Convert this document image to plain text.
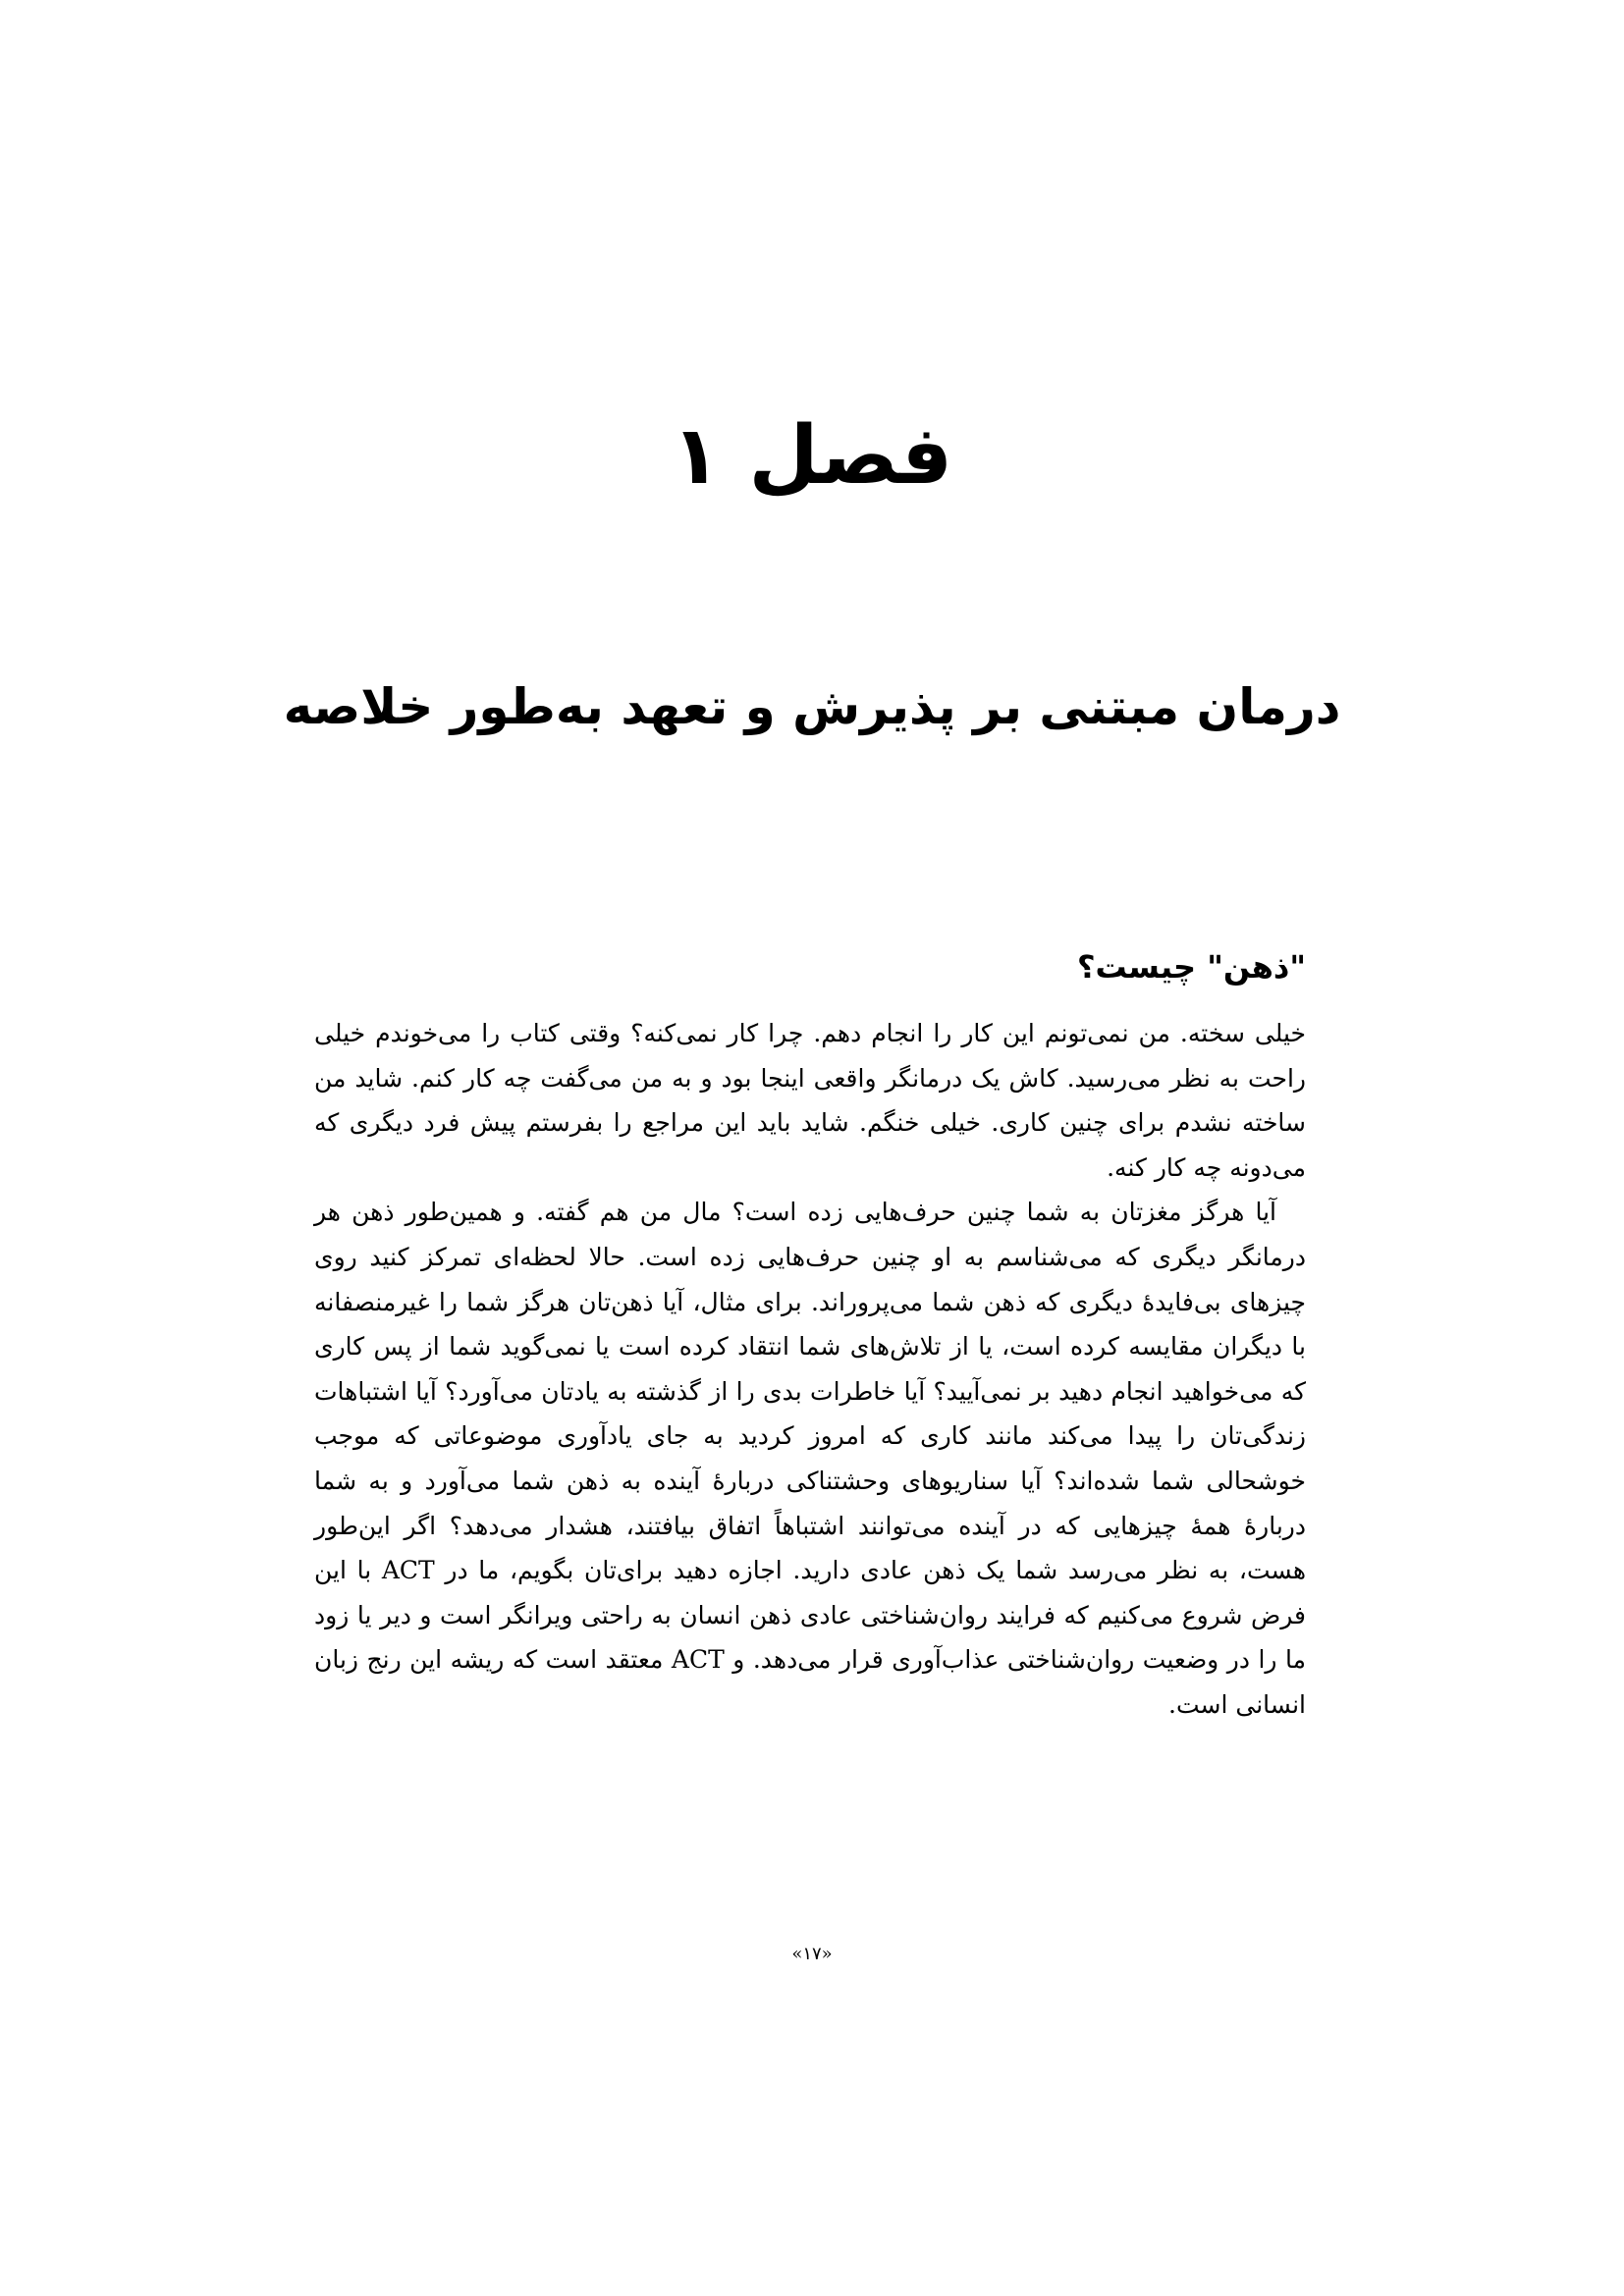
فصل ۱
درمان مبتنی بر پذیرش و تعهد به‌طور خلاصه
"ذهن" چیست؟

خیلی سخته. من نمی‌تونم این کار را انجام دهم. چرا کار نمی‌کنه؟ وقتی کتاب را می‌خوندم خیلی راحت به نظر می‌رسید. کاش یک درمانگر واقعی اینجا بود و به من می‌گفت چه کار کنم. شاید من ساخته نشدم برای چنین کاری. خیلی خنگم. شاید باید این مراجع را بفرستم پیش فرد دیگری که می‌دونه چه کار کنه.

آیا هرگز مغزتان به شما چنین حرف‌هایی زده است؟ مال من هم گفته. و همین‌طور ذهن هر درمانگر دیگری که می‌شناسم به او چنین حرف‌هایی زده است. حالا لحظه‌ای تمرکز کنید روی چیزهای بی‌فایدهٔ دیگری که ذهن شما می‌پروراند. برای مثال، آیا ذهن‌تان هرگز شما را غیرمنصفانه با دیگران مقایسه کرده است، یا از تلاش‌های شما انتقاد کرده است یا نمی‌گوید شما از پس کاری که می‌خواهید انجام دهید بر نمی‌آیید؟ آیا خاطرات بدی را از گذشته به یادتان می‌آورد؟ آیا اشتباهات زندگی‌تان را پیدا می‌کند مانند کاری که امروز کردید به جای یادآوری موضوعاتی که موجب خوشحالی شما شده‌اند؟ آیا سناریوهای وحشتناکی دربارهٔ آینده به ذهن شما می‌آورد و به شما دربارهٔ همهٔ چیزهایی که در آینده می‌توانند اشتباهاً اتفاق بیافتند، هشدار می‌دهد؟ اگر این‌طور هست، به نظر می‌رسد شما یک ذهن عادی دارید. اجازه دهید برای‌تان بگویم، ما در ACT با این فرض شروع می‌کنیم که فرایند روان‌شناختی عادی ذهن انسان به راحتی ویرانگر است و دیر یا زود ما را در وضعیت روان‌شناختی عذاب‌آوری قرار می‌دهد. و ACT معتقد است که ریشه این رنج زبان انسانی است.

«۱۷»
